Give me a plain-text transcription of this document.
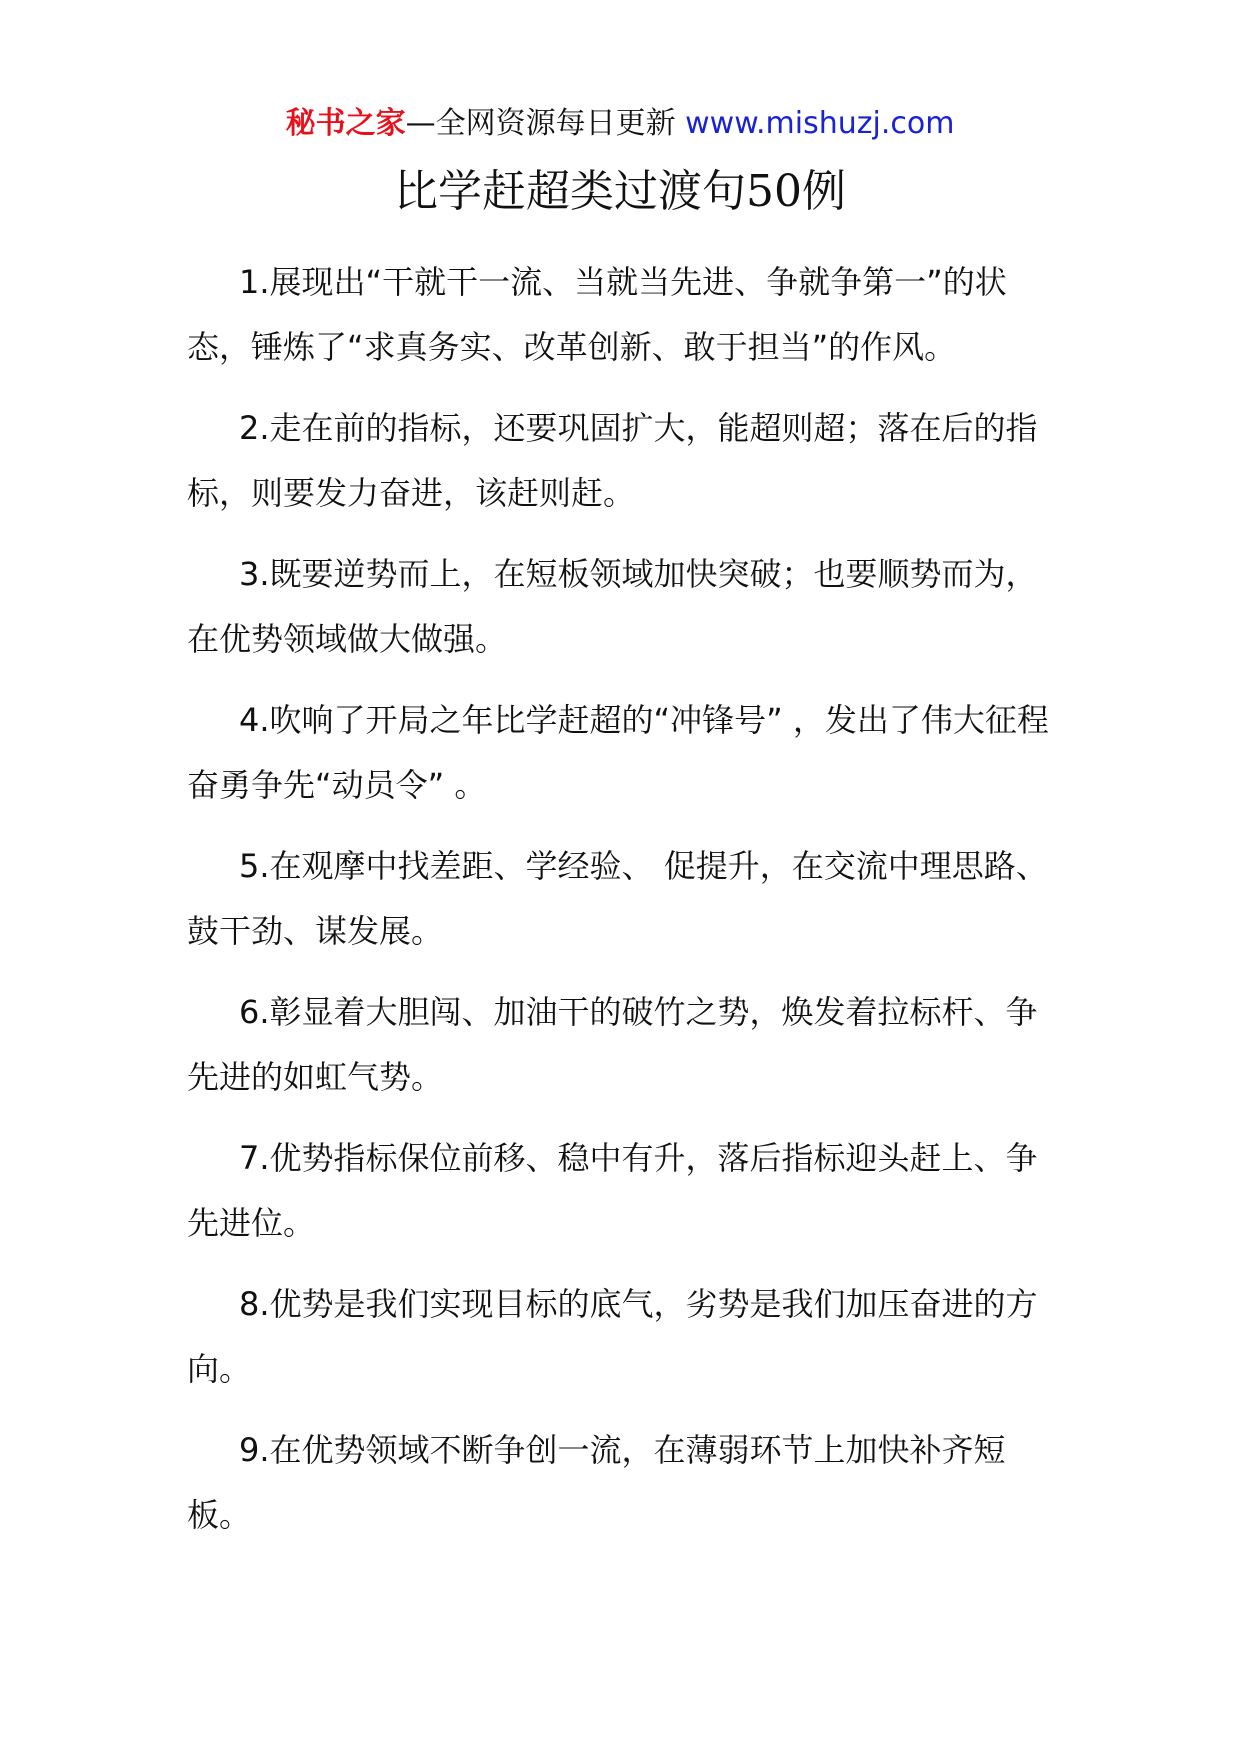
秘书之家—全网资源每日更新 www.mishuzj.com
比学赶超类过渡句50例

1.展现出“干就干一流、当就当先进、争就争第一”的状态，锤炼了“求真务实、改革创新、敢于担当”的作风。

2.走在前的指标，还要巩固扩大，能超则超；落在后的指标，则要发力奋进，该赶则赶。

3.既要逆势而上，在短板领域加快突破；也要顺势而为，在优势领域做大做强。

4.吹响了开局之年比学赶超的“冲锋号” ，发出了伟大征程奋勇争先“动员令” 。

5.在观摩中找差距、学经验、 促提升，在交流中理思路、鼓干劲、谋发展。

6.彰显着大胆闯、加油干的破竹之势，焕发着拉标杆、争先进的如虹气势。

7.优势指标保位前移、稳中有升，落后指标迎头赶上、争先进位。

8.优势是我们实现目标的底气，劣势是我们加压奋进的方向。

9.在优势领域不断争创一流，在薄弱环节上加快补齐短板。
